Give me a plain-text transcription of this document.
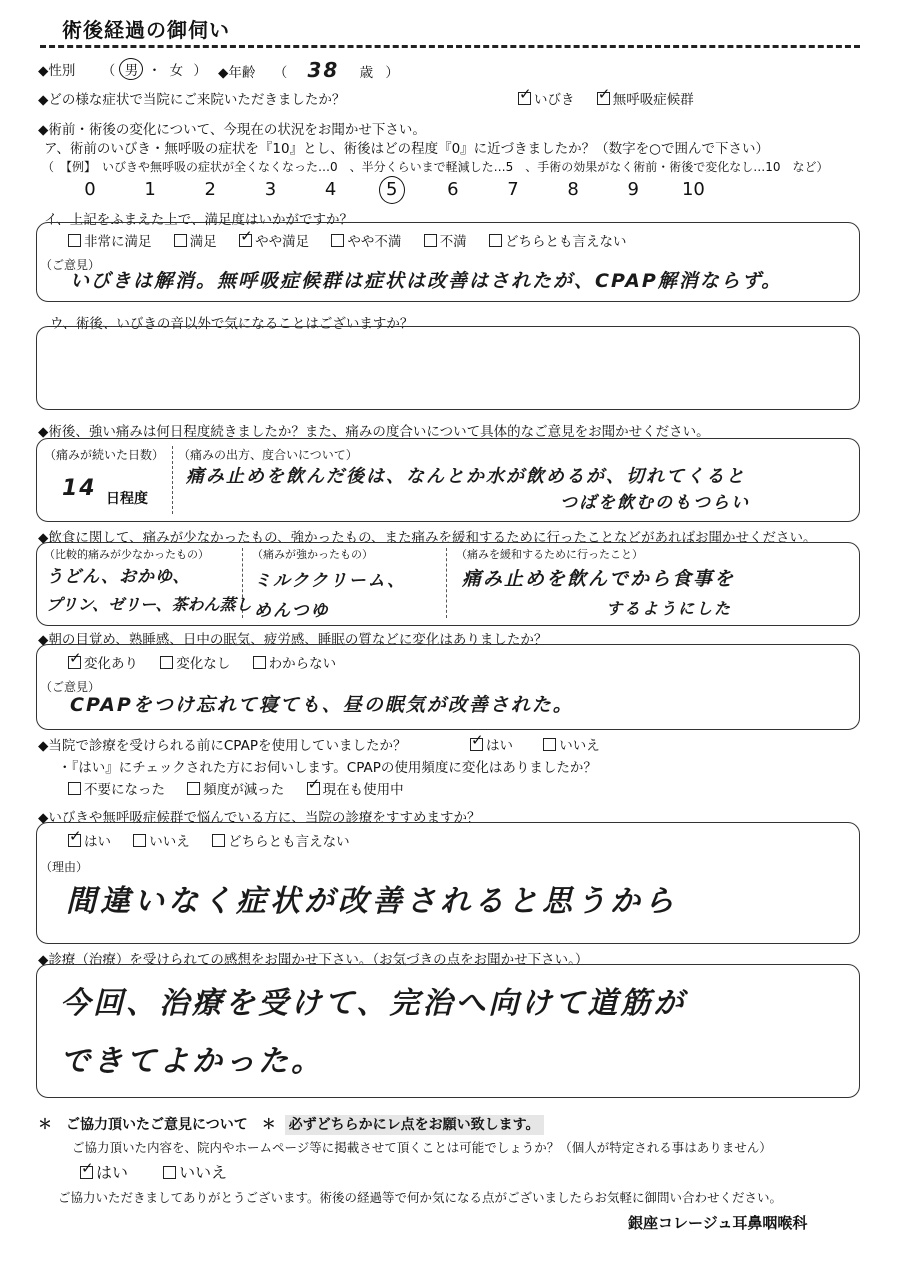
術後経過の御伺い
◆性別 （ 男 ・ 女 ） ◆年齢 （ 38 歳 ）
◆どの様な症状で当院にご来院いただきましたか？ ✓	いびき ✓	無呼吸症候群
◆術前・術後の変化について、今現在の状況をお聞かせ下さい。
ア、術前のいびき・無呼吸の症状を『10』とし、術後はどの程度『0』に近づきましたか？（数字を○で囲んで下さい）
（　【例】　いびきや無呼吸の症状が全くなくなった…0　、半分くらいまで軽減した…5　、手術の効果がなく術前・術後で変化なし…10　など）
0	1	2	3	4	5	6	7	8	9 10
イ、上記をふまえた上で、満足度はいかがですか？
非常に満足	満足 ✓	やや満足	やや不満	不満	どちらとも言えない
（ご意見）
いびきは解消。無呼吸症候群は症状は改善はされたが、CPAP解消ならず。
ウ、術後、いびきの音以外で気になることはございますか？
◆術後、強い痛みは何日程度続きましたか？また、痛みの度合いについて具体的なご意見をお聞かせください。
（痛みが続いた日数）
14 日程度
（痛みの出方、度合いについて）
痛み止めを飲んだ後は、なんとか水が飲めるが、切れてくると
つばを飲むのもつらい
◆飲食に関して、痛みが少なかったもの、強かったもの、また痛みを緩和するために行ったことなどがあればお聞かせください。
（比較的痛みが少なかったもの）
うどん、おかゆ、
プリン、ゼリー、茶わん蒸し
（痛みが強かったもの）
ミルククリーム、
めんつゆ
（痛みを緩和するために行ったこと）
痛み止めを飲んでから食事を
するようにした
◆朝の目覚め、熟睡感、日中の眠気、疲労感、睡眠の質などに変化はありましたか？
✓変化あり	変化なし	わからない
（ご意見）
CPAPをつけ忘れて寝ても、昼の眠気が改善された。
◆当院で診療を受けられる前にCPAPを使用していましたか？ ✓	はい	いいえ
・『はい』にチェックされた方にお伺いします。CPAPの使用頻度に変化はありましたか？
不要になった	頻度が減った ✓	現在も使用中
◆いびきや無呼吸症候群で悩んでいる方に、当院の診療をすすめますか？
✓はい	いいえ	どちらとも言えない
（理由）
間違いなく症状が改善されると思うから
◆診療（治療）を受けられての感想をお聞かせ下さい。（お気づきの点をお聞かせ下さい。）
今回、治療を受けて、完治へ向けて道筋が
できてよかった。
＊　ご協力頂いたご意見について　＊ 必ずどちらかにレ点をお願い致します。
ご協力頂いた内容を、院内やホームページ等に掲載させて頂くことは可能でしょうか？（個人が特定される事はありません）
✓はい	いいえ
ご協力いただきましてありがとうございます。術後の経過等で何か気になる点がございましたらお気軽に御問い合わせください。
銀座コレージュ耳鼻咽喉科
